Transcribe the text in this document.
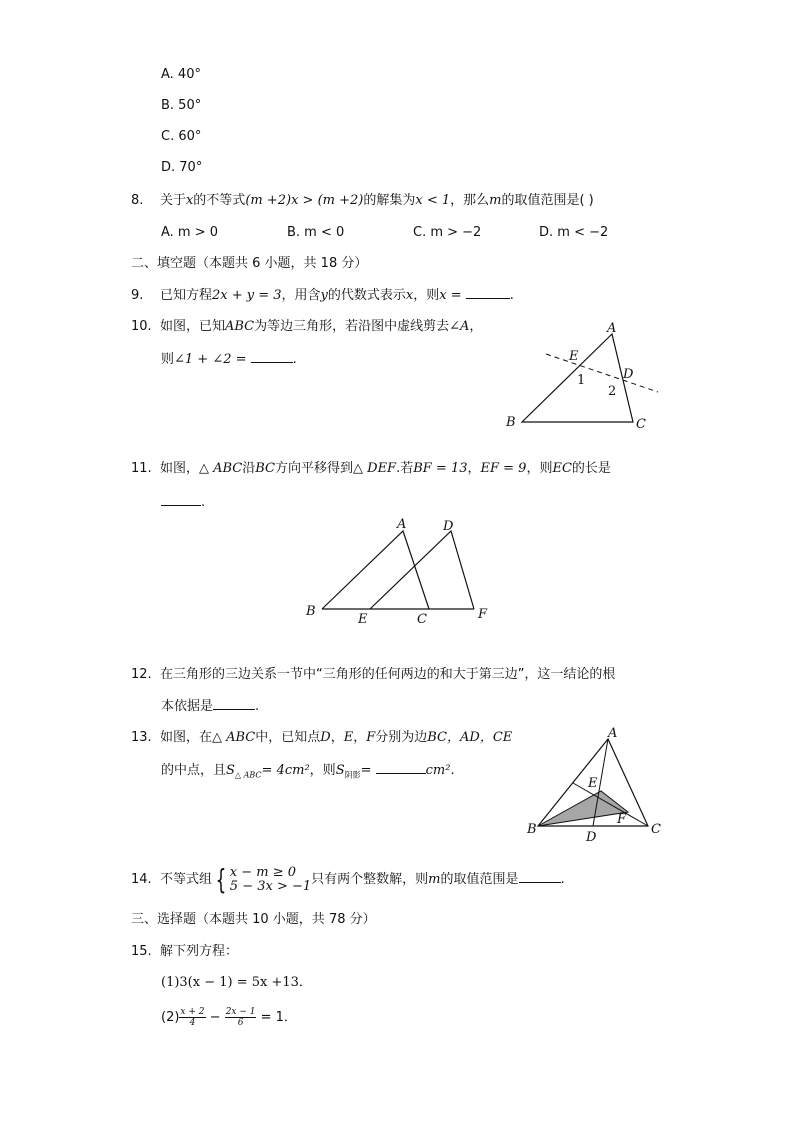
A. 40°
B. 50°
C. 60°
D. 70°
8. 关于x的不等式(m +2)x > (m +2)的解集为x < 1，那么m的取值范围是( )
A. m > 0	B. m < 0	C. m > −2	D. m < −2
二、填空题（本题共 6 小题，共 18 分）
9. 已知方程2x + y = 3，用含y的代数式表示x，则x =	.
10. 如图，已知ABC为等边三角形，若沿图中虚线剪去∠A，
则∠1 + ∠2 =	.
A
B	C
D
E
1
2
11. 如图，△ ABC沿BC方向平移得到△ DEF.若BF = 13，EF = 9，则EC的长是
.
A	D
B
E	C	F
12. 在三角形的三边关系一节中“三角形的任何两边的和大于第三边”，这一结论的根
本依据是	.
13. 如图，在△ ABC中，已知点D，E，F分别为边BC，AD，CE
的中点，且$S_{\triangle ABC}= 4cm^2$，则$S_{阴影}=$	cm².
A
B	C
D
E
F
14. 不等式组 { x − m ≥ 0
5 − 3x > −1 只有两个整数解，则m的取值范围是	.
三、选择题（本题共 10 小题，共 78 分）
15. 解下列方程：
(1)3(x − 1) = 5x +13．
$(2) \frac{x + 2}{4} - \frac{2x - 1}{6} = 1$．
